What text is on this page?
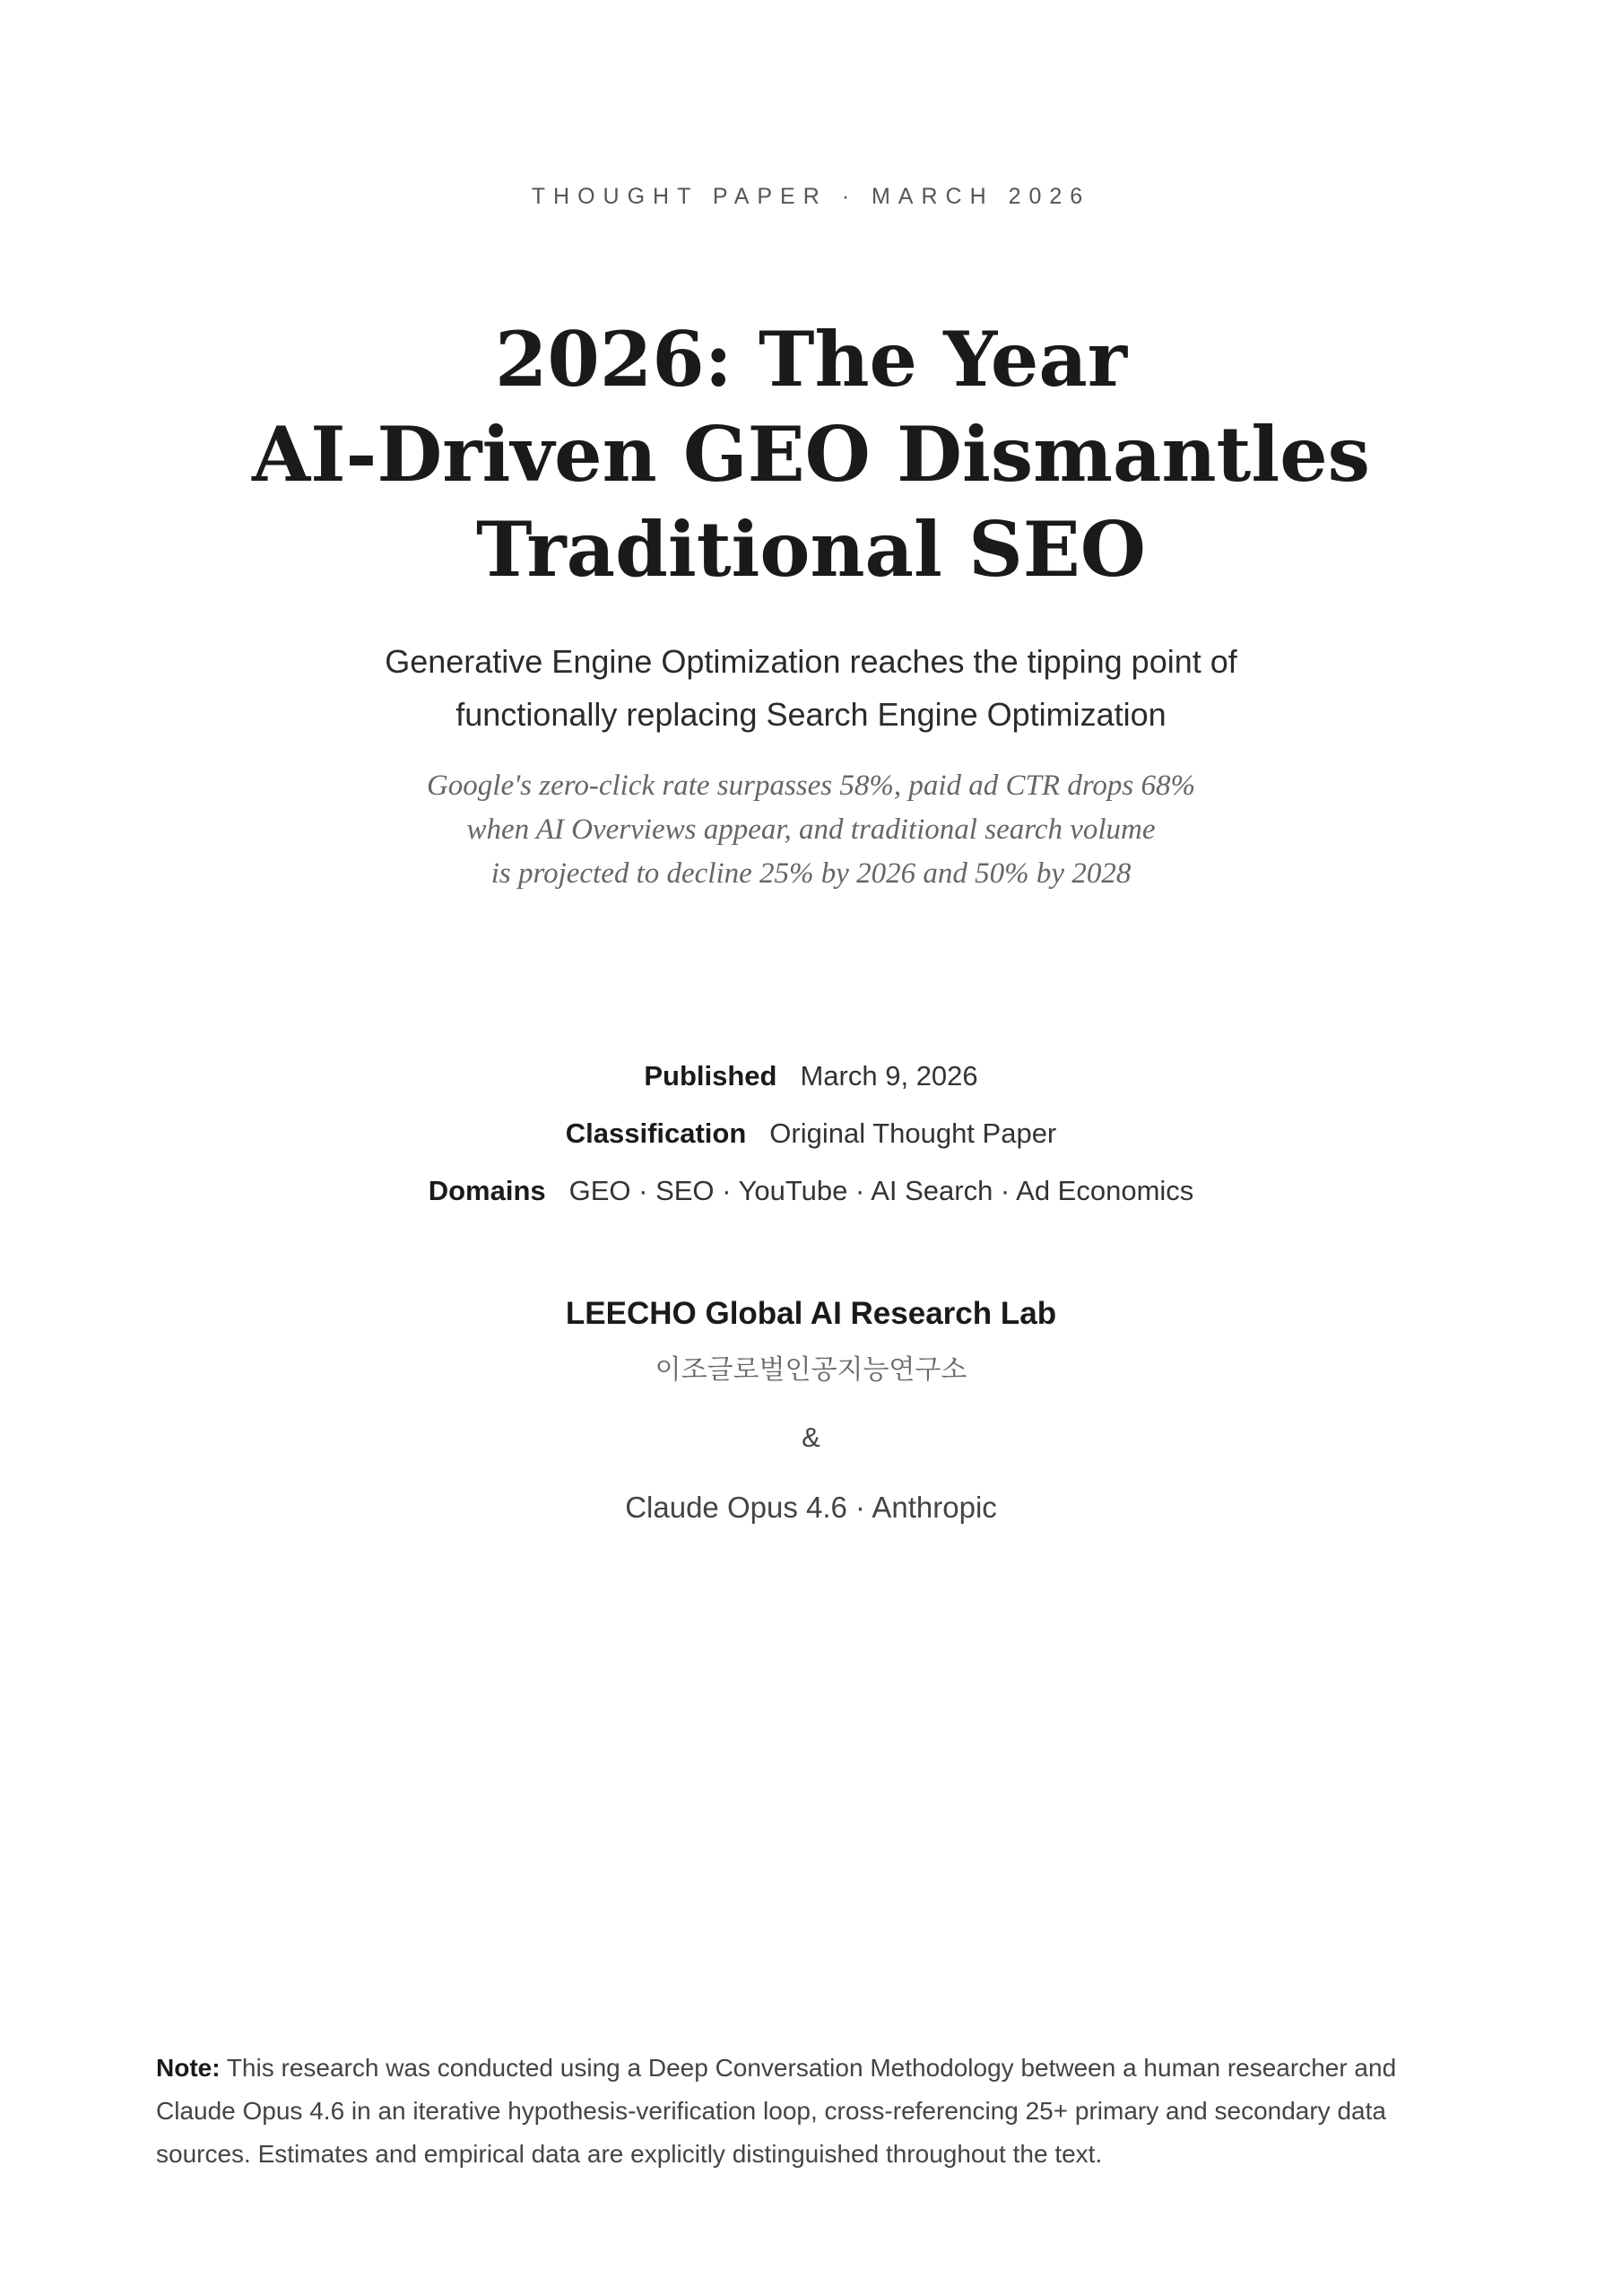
THOUGHT PAPER · MARCH 2026
2026: The Year
AI-Driven GEO Dismantles
Traditional SEO
Generative Engine Optimization reaches the tipping point of
functionally replacing Search Engine Optimization
Google's zero-click rate surpasses 58%, paid ad CTR drops 68%
when AI Overviews appear, and traditional search volume
is projected to decline 25% by 2026 and 50% by 2028
Published March 9, 2026
Classification Original Thought Paper
Domains GEO · SEO · YouTube · AI Search · Ad Economics
LEECHO Global AI Research Lab
이조글로벌인공지능연구소
&
Claude Opus 4.6 · Anthropic
Note: This research was conducted using a Deep Conversation Methodology between a human researcher and Claude Opus 4.6 in an iterative hypothesis-verification loop, cross-referencing 25+ primary and secondary data sources. Estimates and empirical data are explicitly distinguished throughout the text.
